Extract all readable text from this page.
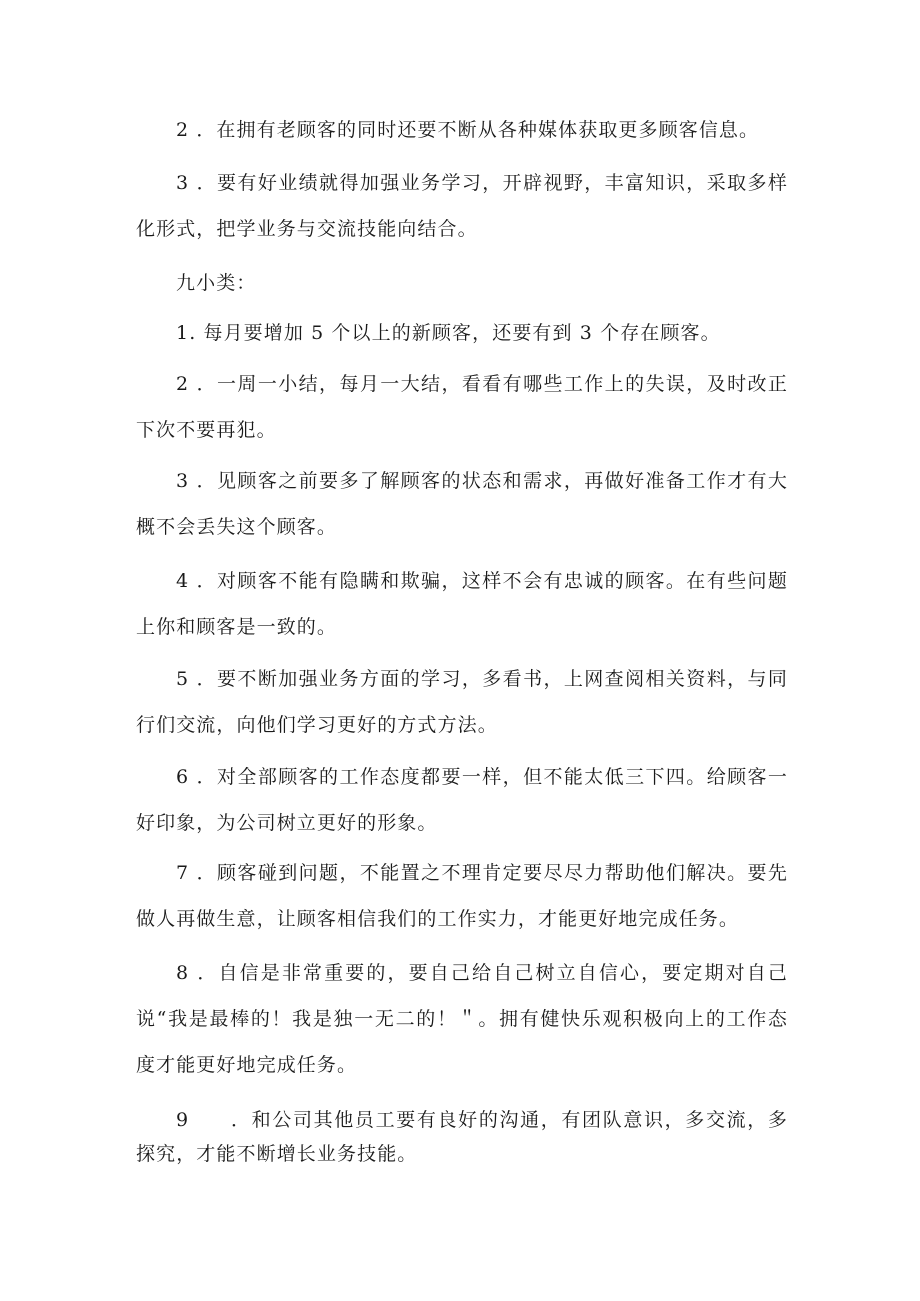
2 ．在拥有老顾客的同时还要不断从各种媒体获取更多顾客信息。

3 ．要有好业绩就得加强业务学习，开辟视野，丰富知识，采取多样化形式，把学业务与交流技能向结合。

九小类：

1. 每月要增加 5 个以上的新顾客，还要有到 3 个存在顾客。

2 ．一周一小结，每月一大结，看看有哪些工作上的失误，及时改正下次不要再犯。

3 ．见顾客之前要多了解顾客的状态和需求，再做好准备工作才有大概不会丢失这个顾客。

4 ．对顾客不能有隐瞒和欺骗，这样不会有忠诚的顾客。在有些问题上你和顾客是一致的。

5 ．要不断加强业务方面的学习，多看书，上网查阅相关资料，与同行们交流，向他们学习更好的方式方法。

6 ．对全部顾客的工作态度都要一样，但不能太低三下四。给顾客一好印象，为公司树立更好的形象。

7 ．顾客碰到问题，不能置之不理肯定要尽尽力帮助他们解决。要先做人再做生意，让顾客相信我们的工作实力，才能更好地完成任务。

8 ．自信是非常重要的，要自己给自己树立自信心，要定期对自己说“我是最棒的！我是独一无二的！＂。拥有健快乐观积极向上的工作态度才能更好地完成任务。

9　　．和公司其他员工要有良好的沟通，有团队意识，多交流，多探究，才能不断增长业务技能。
